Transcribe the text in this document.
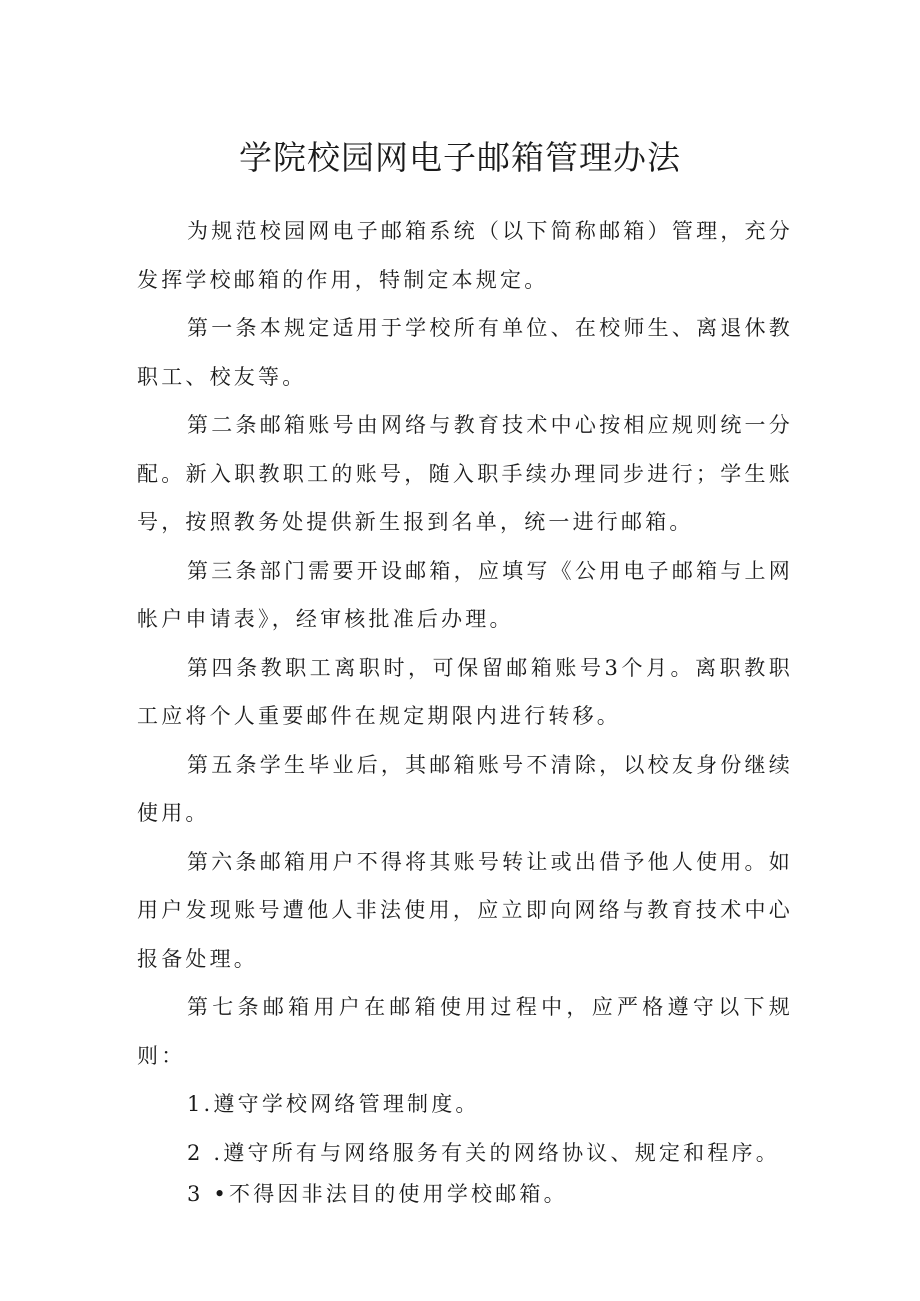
学院校园网电子邮箱管理办法

为规范校园网电子邮箱系统（以下简称邮箱）管理，充分发挥学校邮箱的作用，特制定本规定。

第一条本规定适用于学校所有单位、在校师生、离退休教职工、校友等。

第二条邮箱账号由网络与教育技术中心按相应规则统一分配。新入职教职工的账号，随入职手续办理同步进行；学生账号，按照教务处提供新生报到名单，统一进行邮箱。

第三条部门需要开设邮箱，应填写《公用电子邮箱与上网帐户申请表》，经审核批准后办理。

第四条教职工离职时，可保留邮箱账号3个月。离职教职工应将个人重要邮件在规定期限内进行转移。

第五条学生毕业后，其邮箱账号不清除，以校友身份继续使用。

第六条邮箱用户不得将其账号转让或出借予他人使用。如用户发现账号遭他人非法使用，应立即向网络与教育技术中心报备处理。

第七条邮箱用户在邮箱使用过程中，应严格遵守以下规则：

1.遵守学校网络管理制度。

2 .遵守所有与网络服务有关的网络协议、规定和程序。

3 •不得因非法目的使用学校邮箱。
